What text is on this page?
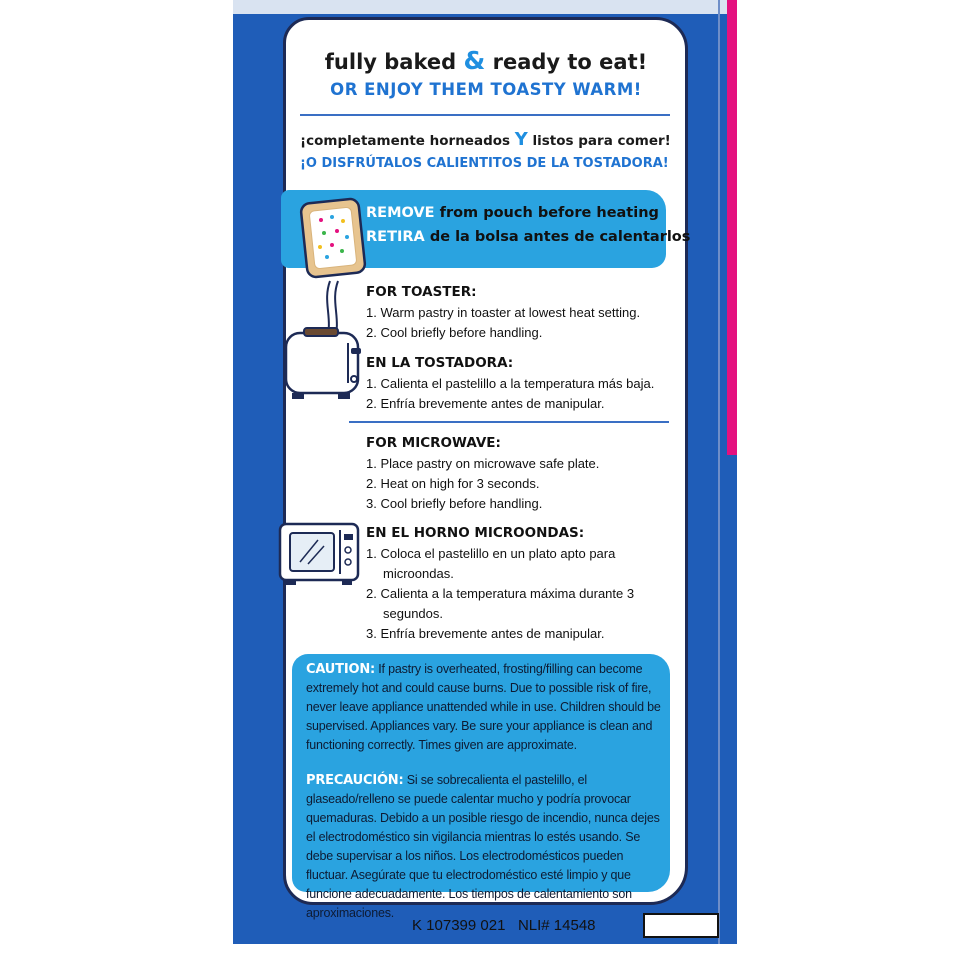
fully baked & ready to eat!
OR ENJOY THEM TOASTY WARM!
¡completamente horneados Y listos para comer!
¡O DISFRÚTALOS CALIENTITOS DE LA TOSTADORA!
REMOVE from pouch before heating
RETIRA de la bolsa antes de calentarlos
FOR TOASTER:
1. Warm pastry in toaster at lowest heat setting.
2. Cool briefly before handling.
EN LA TOSTADORA:
1. Calienta el pastelillo a la temperatura más baja.
2. Enfría brevemente antes de manipular.
FOR MICROWAVE:
1. Place pastry on microwave safe plate.
2. Heat on high for 3 seconds.
3. Cool briefly before handling.
EN EL HORNO MICROONDAS:
1. Coloca el pastelillo en un plato apto para microondas.
2. Calienta a la temperatura máxima durante 3 segundos.
3. Enfría brevemente antes de manipular.
CAUTION: If pastry is overheated, frosting/filling can become extremely hot and could cause burns. Due to possible risk of fire, never leave appliance unattended while in use. Children should be supervised. Appliances vary. Be sure your appliance is clean and functioning correctly. Times given are approximate.
PRECAUCIÓN: Si se sobrecalienta el pastelillo, el glaseado/relleno se puede calentar mucho y podría provocar quemaduras. Debido a un posible riesgo de incendio, nunca dejes el electrodoméstico sin vigilancia mientras lo estés usando. Se debe supervisar a los niños. Los electrodomésticos pueden fluctuar. Asegúrate que tu electrodoméstico esté limpio y que funcione adecuadamente. Los tiempos de calentamiento son aproximaciones.
K 107399 021 NLI# 14548
